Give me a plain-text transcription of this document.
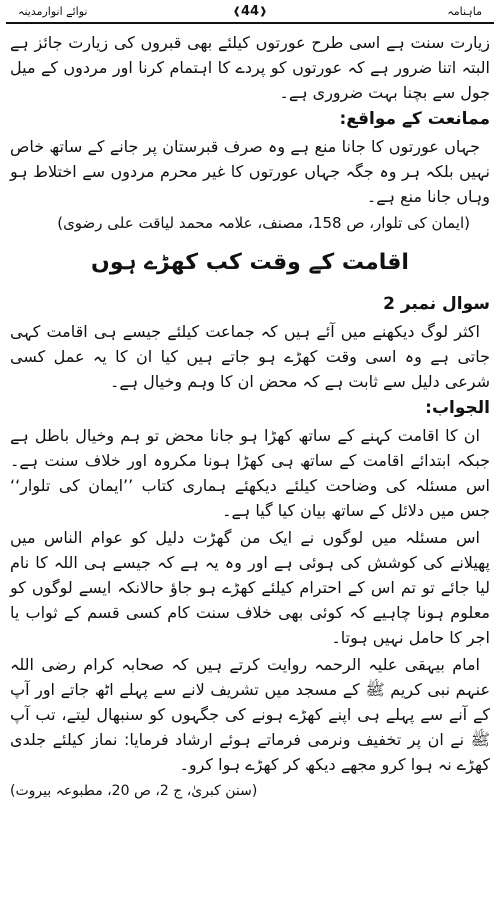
ماہنامہ
نوائے انوارمدینہ	❰ 44 ❱

زیارت سنت ہے اسی طرح عورتوں کیلئے بھی قبروں کی زیارت جائز ہے البتہ اتنا ضرور ہے کہ عورتوں کو پردے کا اہتمام کرنا اور مردوں کے میل جول سے بچنا بہت ضروری ہے۔

ممانعت کے مواقع:

جہاں عورتوں کا جانا منع ہے وہ صرف قبرستان پر جانے کے ساتھ خاص نہیں بلکہ ہر وہ جگہ جہاں عورتوں کا غیر محرم مردوں سے اختلاط ہو وہاں جانا منع ہے۔

(ایمان کی تلوار، ص 158، مصنف، علامہ محمد لیاقت علی رضوی)
اقامت کے وقت کب کھڑے ہوں
سوال نمبر 2

اکثر لوگ دیکھنے میں آئے ہیں کہ جماعت کیلئے جیسے ہی اقامت کہی جاتی ہے وہ اسی وقت کھڑے ہو جاتے ہیں کیا ان کا یہ عمل کسی شرعی دلیل سے ثابت ہے کہ محض ان کا وہم وخیال ہے۔

الجواب:

ان کا اقامت کہنے کے ساتھ کھڑا ہو جانا محض تو ہم وخیال باطل ہے جبکہ ابتدائے اقامت کے ساتھ ہی کھڑا ہونا مکروہ اور خلاف سنت ہے۔ اس مسئلہ کی وضاحت کیلئے دیکھئے ہماری کتاب ’’ایمان کی تلوار‘‘ جس میں دلائل کے ساتھ بیان کیا گیا ہے۔

اس مسئلہ میں لوگوں نے ایک من گھڑت دلیل کو عوام الناس میں پھیلانے کی کوشش کی ہوئی ہے اور وہ یہ ہے کہ جیسے ہی اللہ کا نام لیا جائے تو تم اس کے احترام کیلئے کھڑے ہو جاؤ حالانکہ ایسے لوگوں کو معلوم ہونا چاہیے کہ کوئی بھی خلاف سنت کام کسی قسم کے ثواب یا اجر کا حامل نہیں ہوتا۔

امام بیہقی علیہ الرحمہ روایت کرتے ہیں کہ صحابہ کرام رضی اللہ عنہم نبی کریم ﷺ کے مسجد میں تشریف لانے سے پہلے اٹھ جاتے اور آپ کے آنے سے پہلے ہی اپنے کھڑے ہونے کی جگہوں کو سنبھال لیتے، تب آپ ﷺ نے ان پر تخفیف ونرمی فرماتے ہوئے ارشاد فرمایا: نماز کیلئے جلدی کھڑے نہ ہوا کرو مجھے دیکھ کر کھڑے ہوا کرو۔

(سنن کبریٰ، ج 2، ص 20، مطبوعہ بیروت)
